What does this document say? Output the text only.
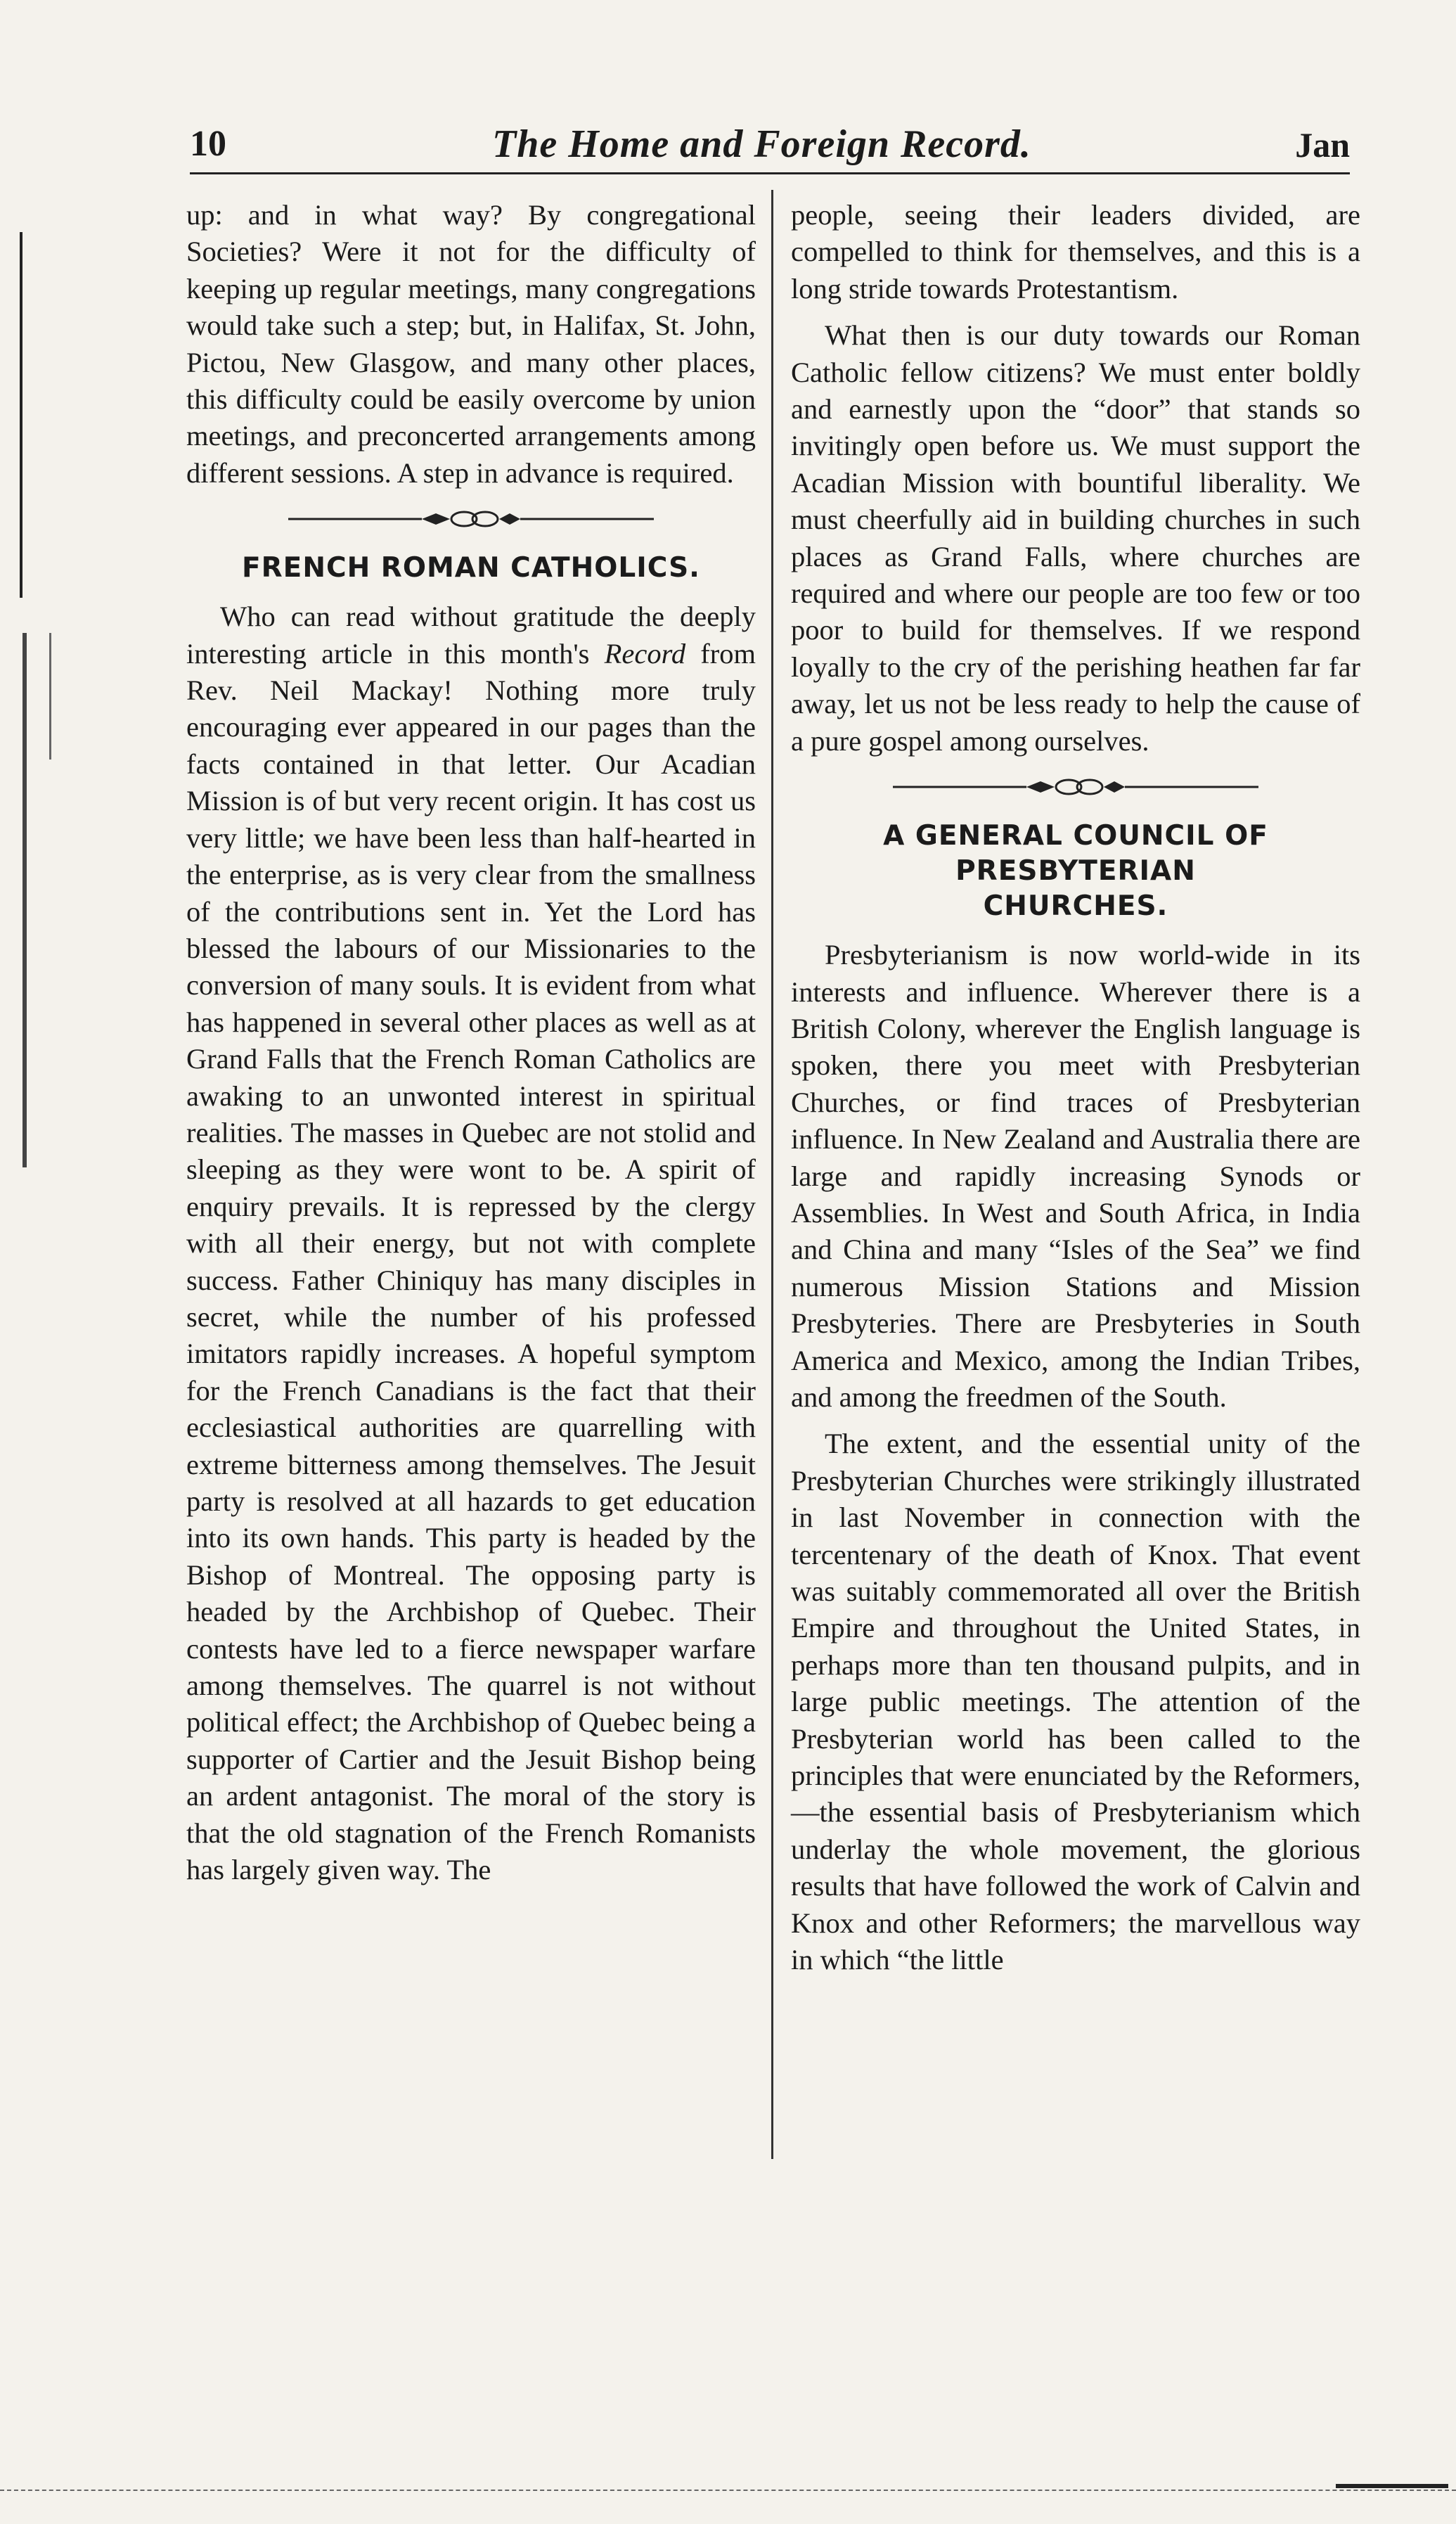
10	The Home and Foreign Record.	Jan

up: and in what way? By congregational Societies? Were it not for the difficulty of keeping up regular meetings, many congregations would take such a step; but, in Halifax, St. John, Pictou, New Glasgow, and many other places, this difficulty could be easily overcome by union meetings, and preconcerted arrangements among different sessions. A step in advance is required.

FRENCH ROMAN CATHOLICS.

Who can read without gratitude the deeply interesting article in this month's Record from Rev. Neil Mackay! Nothing more truly encouraging ever appeared in our pages than the facts contained in that letter. Our Acadian Mission is of but very recent origin. It has cost us very little; we have been less than half-hearted in the enterprise, as is very clear from the smallness of the contributions sent in. Yet the Lord has blessed the labours of our Missionaries to the conversion of many souls. It is evident from what has happened in several other places as well as at Grand Falls that the French Roman Catholics are awaking to an unwonted interest in spiritual realities. The masses in Quebec are not stolid and sleeping as they were wont to be. A spirit of enquiry prevails. It is repressed by the clergy with all their energy, but not with complete success. Father Chiniquy has many disciples in secret, while the number of his professed imitators rapidly increases. A hopeful symptom for the French Canadians is the fact that their ecclesiastical authorities are quarrelling with extreme bitterness among themselves. The Jesuit party is resolved at all hazards to get education into its own hands. This party is headed by the Bishop of Montreal. The opposing party is headed by the Archbishop of Quebec. Their contests have led to a fierce newspaper warfare among themselves. The quarrel is not without political effect; the Archbishop of Quebec being a supporter of Cartier and the Jesuit Bishop being an ardent antagonist. The moral of the story is that the old stagnation of the French Romanists has largely given way. The

people, seeing their leaders divided, are compelled to think for themselves, and this is a long stride towards Protestantism.

What then is our duty towards our Roman Catholic fellow citizens? We must enter boldly and earnestly upon the “door” that stands so invitingly open before us. We must support the Acadian Mission with bountiful liberality. We must cheerfully aid in building churches in such places as Grand Falls, where churches are required and where our people are too few or too poor to build for themselves. If we respond loyally to the cry of the perishing heathen far far away, let us not be less ready to help the cause of a pure gospel among ourselves.

A GENERAL COUNCIL OF PRESBYTERIAN
CHURCHES.

Presbyterianism is now world-wide in its interests and influence. Wherever there is a British Colony, wherever the English language is spoken, there you meet with Presbyterian Churches, or find traces of Presbyterian influence. In New Zealand and Australia there are large and rapidly increasing Synods or Assemblies. In West and South Africa, in India and China and many “Isles of the Sea” we find numerous Mission Stations and Mission Presbyteries. There are Presbyteries in South America and Mexico, among the Indian Tribes, and among the freedmen of the South.

The extent, and the essential unity of the Presbyterian Churches were strikingly illustrated in last November in connection with the tercentenary of the death of Knox. That event was suitably commemorated all over the British Empire and throughout the United States, in perhaps more than ten thousand pulpits, and in large public meetings. The attention of the Presbyterian world has been called to the principles that were enunciated by the Reformers,—the essential basis of Presbyterianism which underlay the whole movement, the glorious results that have followed the work of Calvin and Knox and other Reformers; the marvellous way in which “the little
